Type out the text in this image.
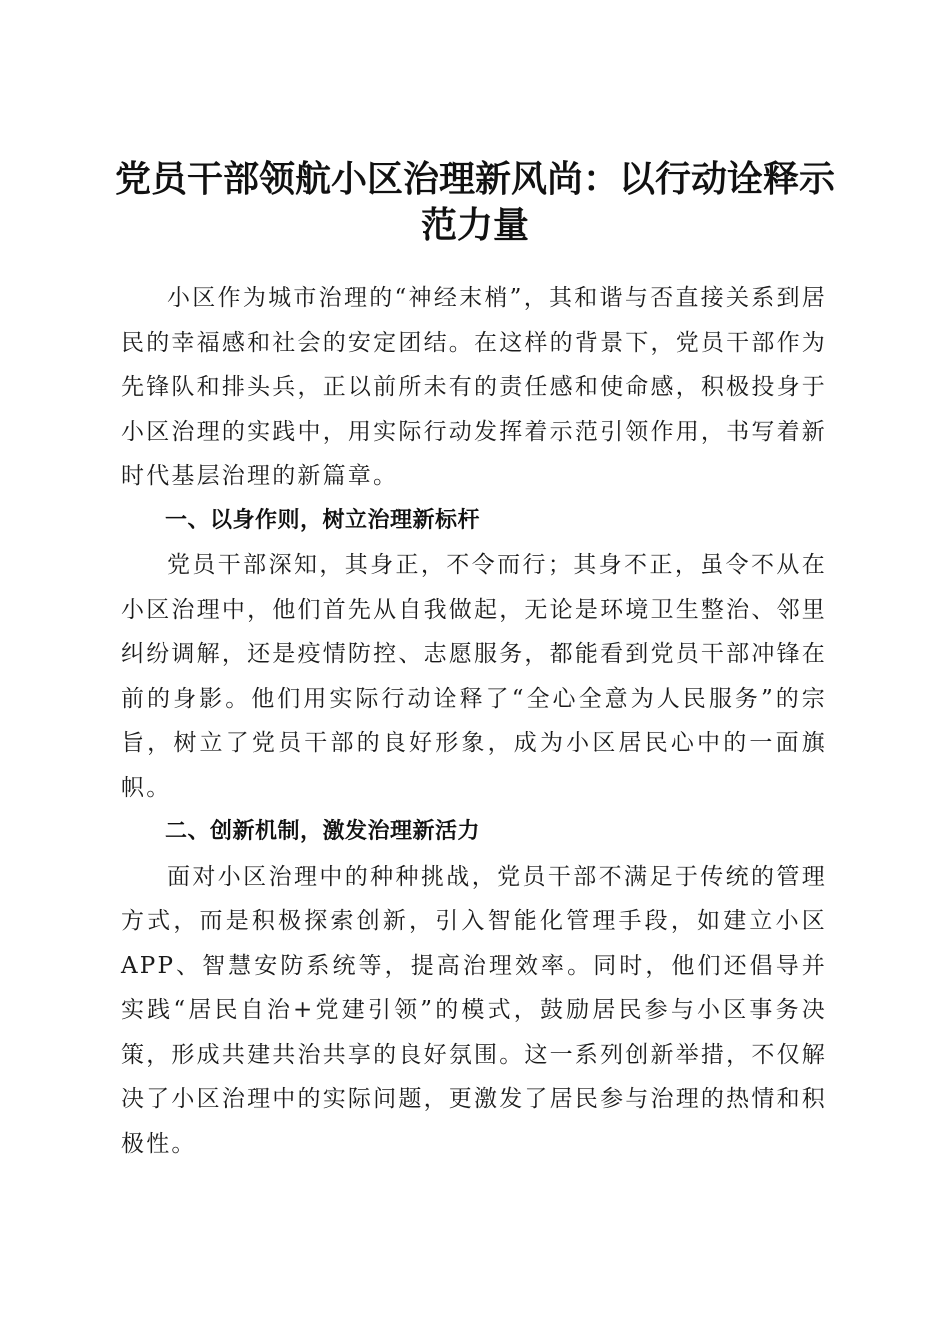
党员干部领航小区治理新风尚：以行动诠释示范力量

小区作为城市治理的“神经末梢”，其和谐与否直接关系到居民的幸福感和社会的安定团结。在这样的背景下，党员干部作为先锋队和排头兵，正以前所未有的责任感和使命感，积极投身于小区治理的实践中，用实际行动发挥着示范引领作用，书写着新时代基层治理的新篇章。

一、以身作则，树立治理新标杆

党员干部深知，其身正，不令而行；其身不正，虽令不从在小区治理中，他们首先从自我做起，无论是环境卫生整治、邻里纠纷调解，还是疫情防控、志愿服务，都能看到党员干部冲锋在前的身影。他们用实际行动诠释了“全心全意为人民服务”的宗旨，树立了党员干部的良好形象，成为小区居民心中的一面旗帜。

二、创新机制，激发治理新活力

面对小区治理中的种种挑战，党员干部不满足于传统的管理方式，而是积极探索创新，引入智能化管理手段，如建立小区APP、智慧安防系统等，提高治理效率。同时，他们还倡导并实践“居民自治+党建引领”的模式，鼓励居民参与小区事务决策，形成共建共治共享的良好氛围。这一系列创新举措，不仅解决了小区治理中的实际问题，更激发了居民参与治理的热情和积极性。
